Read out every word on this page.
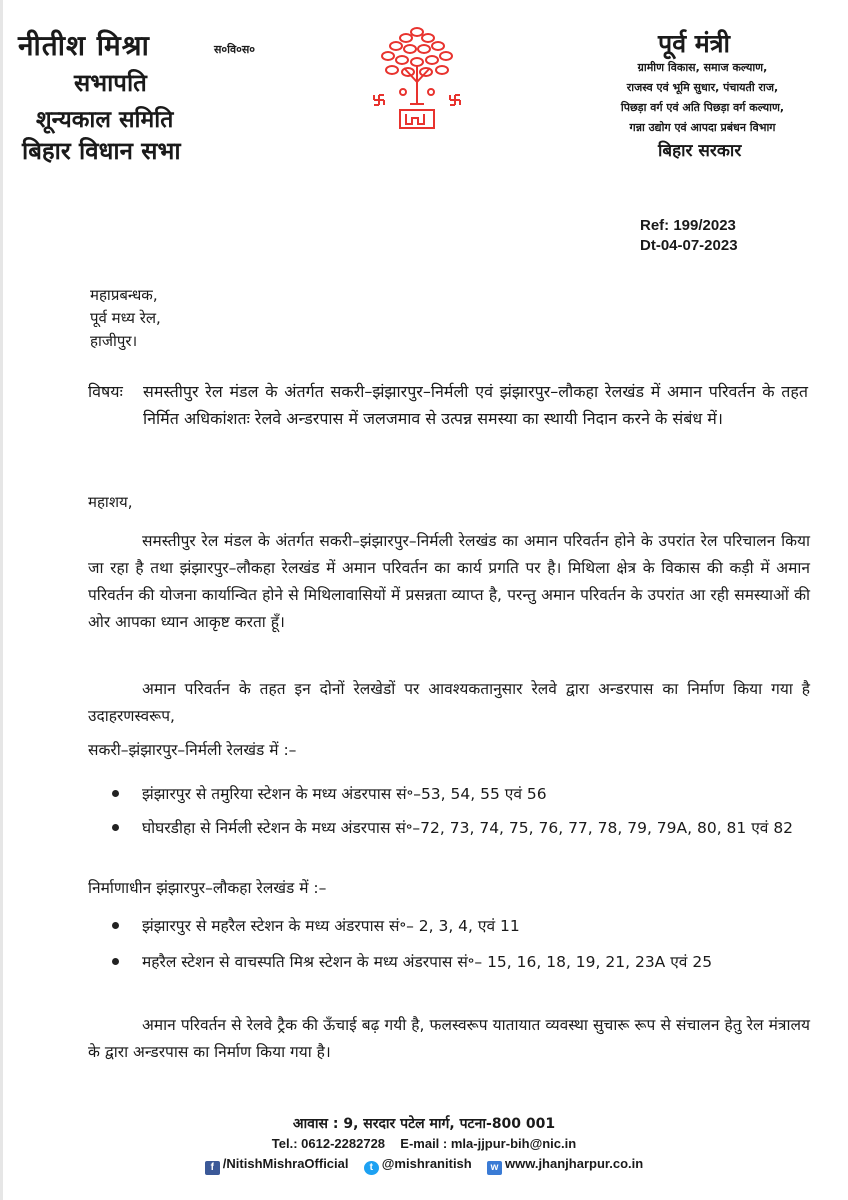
नीतीश मिश्रा	स०वि०स०
सभापति
शून्यकाल समिति
बिहार विधान सभा
पूर्व मंत्री
ग्रामीण विकास, समाज कल्याण,
राजस्व एवं भूमि सुधार, पंचायती राज,
पिछड़ा वर्ग एवं अति पिछड़ा वर्ग कल्याण,
गन्ना उद्योग एवं आपदा प्रबंधन विभाग
बिहार सरकार
Ref: 199/2023
Dt-04-07-2023
महाप्रबन्धक,
पूर्व मध्य रेल,
हाजीपुर।
विषयः समस्तीपुर रेल मंडल के अंतर्गत सकरी–झंझारपुर–निर्मली एवं झंझारपुर–लौकहा रेलखंड में अमान परिवर्तन के तहत निर्मित अधिकांशतः रेलवे अन्डरपास में जलजमाव से उत्पन्न समस्या का स्थायी निदान करने के संबंध में।
महाशय,
समस्तीपुर रेल मंडल के अंतर्गत सकरी–झंझारपुर–निर्मली रेलखंड का अमान परिवर्तन होने के उपरांत रेल परिचालन किया जा रहा है तथा झंझारपुर–लौकहा रेलखंड में अमान परिवर्तन का कार्य प्रगति पर है। मिथिला क्षेत्र के विकास की कड़ी में अमान परिवर्तन की योजना कार्यान्वित होने से मिथिलावासियों में प्रसन्नता व्याप्त है, परन्तु अमान परिवर्तन के उपरांत आ रही समस्याओं की ओर आपका ध्यान आकृष्ट करता हूँ।
अमान परिवर्तन के तहत इन दोनों रेलखेडों पर आवश्यकतानुसार रेलवे द्वारा अन्डरपास का निर्माण किया गया है उदाहरणस्वरूप,
सकरी–झंझारपुर–निर्मली रेलखंड में :–
झंझारपुर से तमुरिया स्टेशन के मध्य अंडरपास सं॰–53, 54, 55 एवं 56
घोघरडीहा से निर्मली स्टेशन के मध्य अंडरपास सं॰–72, 73, 74, 75, 76, 77, 78, 79, 79A, 80, 81 एवं 82
निर्माणाधीन झंझारपुर–लौकहा रेलखंड में :–
झंझारपुर से महरैल स्टेशन के मध्य अंडरपास सं॰– 2, 3, 4, एवं 11
महरैल स्टेशन से वाचस्पति मिश्र स्टेशन के मध्य अंडरपास सं॰– 15, 16, 18, 19, 21, 23A एवं 25
अमान परिवर्तन से रेलवे ट्रैक की ऊँचाई बढ़ गयी है, फलस्वरूप यातायात व्यवस्था सुचारू रूप से संचालन हेतु रेल मंत्रालय के द्वारा अन्डरपास का निर्माण किया गया है।
आवास : 9, सरदार पटेल मार्ग, पटना-800 001
Tel.: 0612-2282728 E-mail : mla-jjpur-bih@nic.in
f /NitishMishraOfficial t @mishranitish w www.jhanjharpur.co.in
